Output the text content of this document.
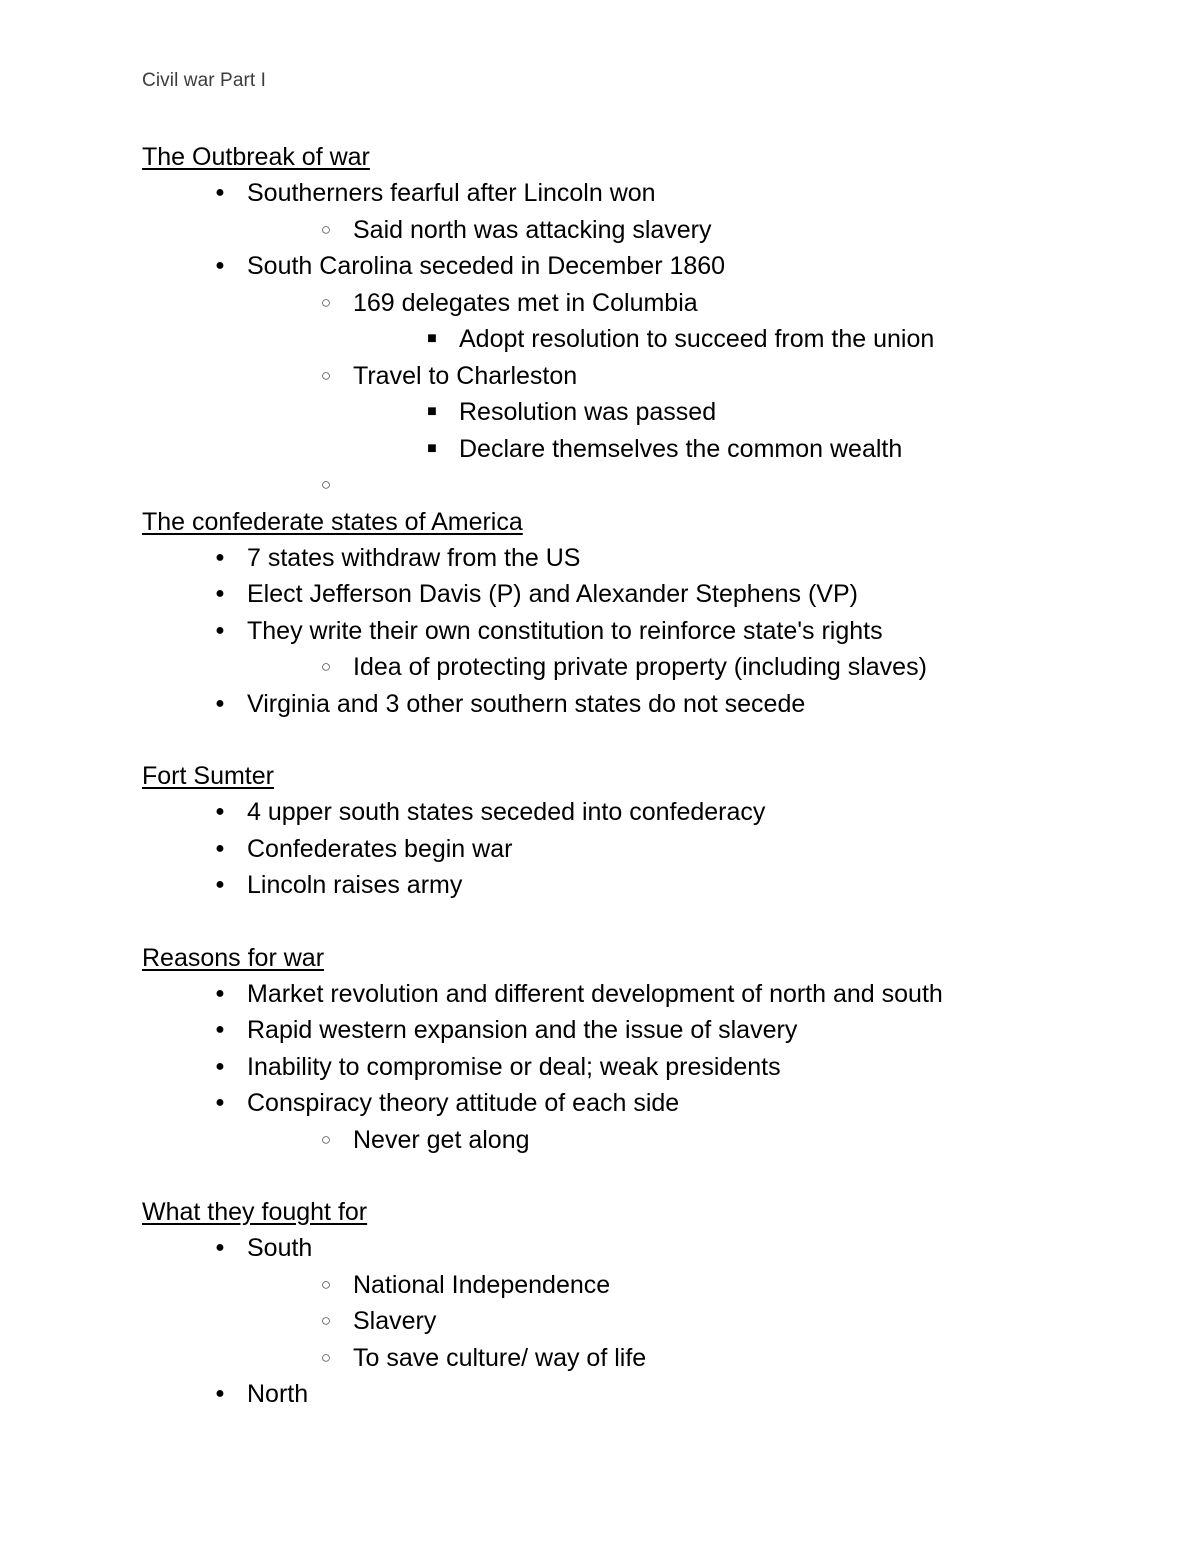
Civil war Part I
The Outbreak of war
● Southerners fearful after Lincoln won
○ Said north was attacking slavery
● South Carolina seceded in December 1860
○ 169 delegates met in Columbia
■ Adopt resolution to succeed from the union
○ Travel to Charleston
■ Resolution was passed
■ Declare themselves the common wealth
○
The confederate states of America
● 7 states withdraw from the US
● Elect Jefferson Davis (P) and Alexander Stephens (VP)
● They write their own constitution to reinforce state's rights
○ Idea of protecting private property (including slaves)
● Virginia and 3 other southern states do not secede
Fort Sumter
● 4 upper south states seceded into confederacy
● Confederates begin war
● Lincoln raises army
Reasons for war
● Market revolution and different development of north and south
● Rapid western expansion and the issue of slavery
● Inability to compromise or deal; weak presidents
● Conspiracy theory attitude of each side
○ Never get along
What they fought for
● South
○ National Independence
○ Slavery
○ To save culture/ way of life
● North
